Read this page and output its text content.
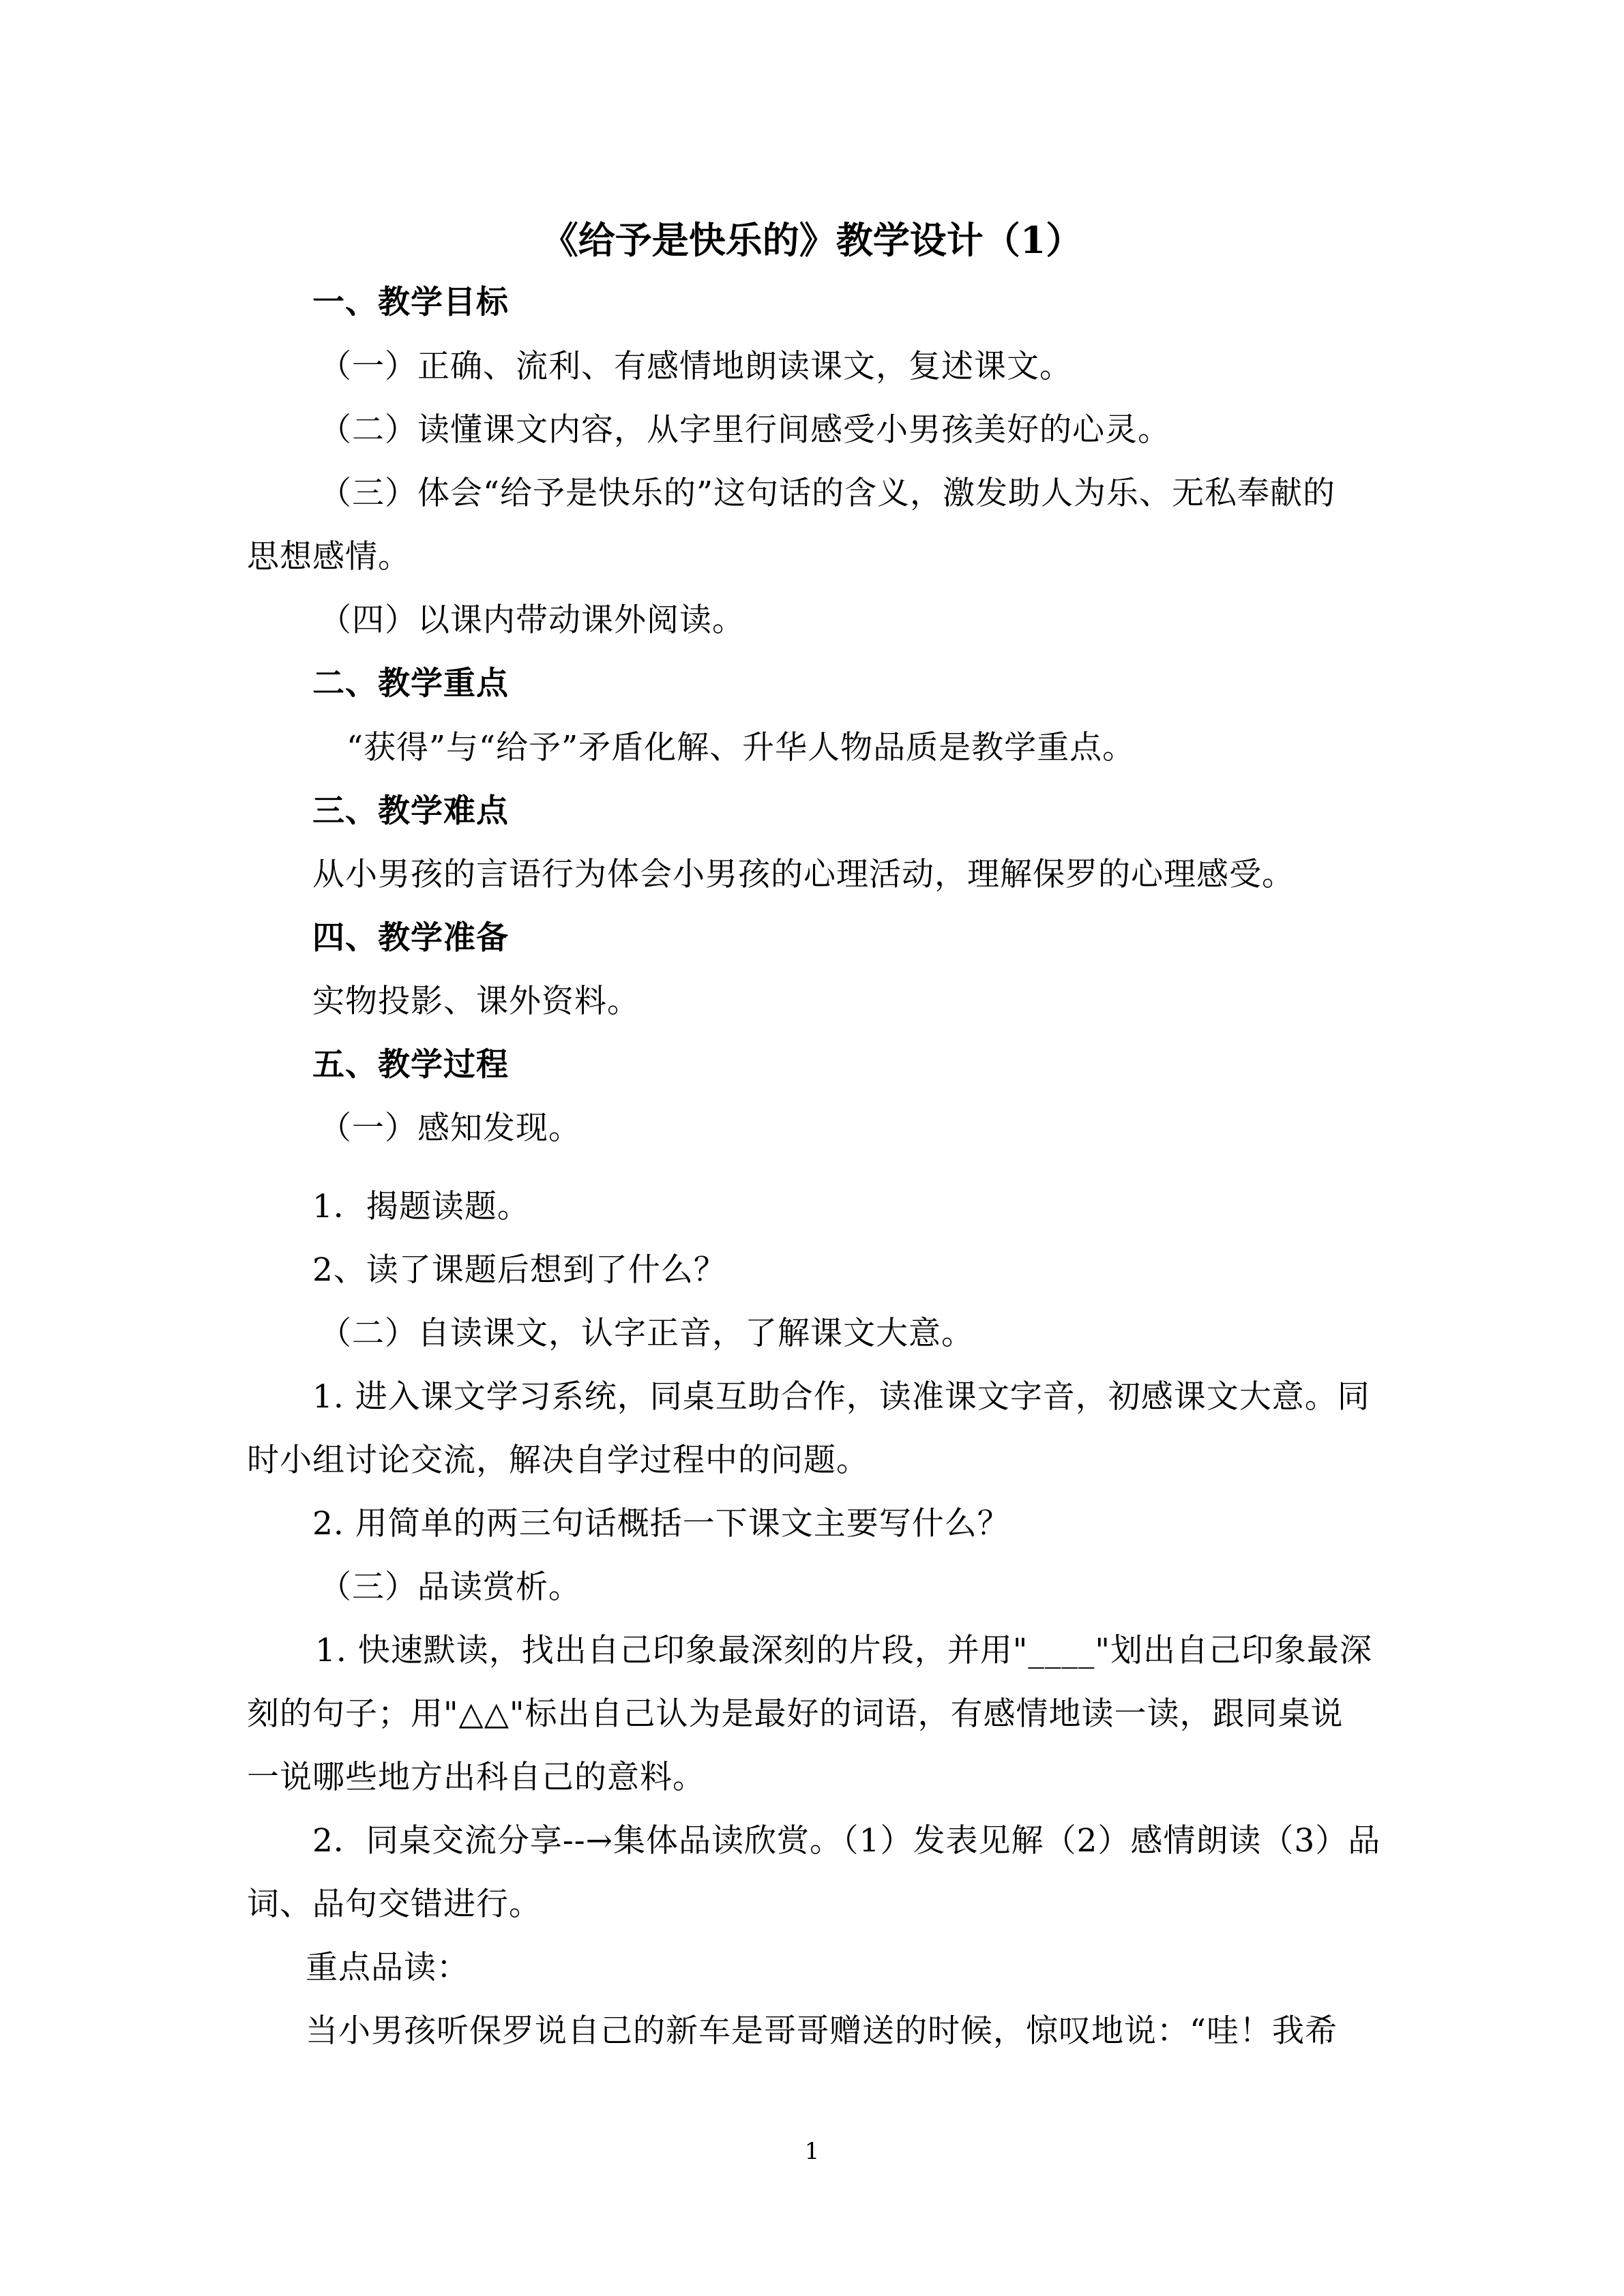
《给予是快乐的》教学设计（1）
一、教学目标
（一）正确、流利、有感情地朗读课文，复述课文。
（二）读懂课文内容，从字里行间感受小男孩美好的心灵。
（三）体会“给予是快乐的”这句话的含义，激发助人为乐、无私奉献的
思想感情。
（四）以课内带动课外阅读。
二、教学重点
“获得”与“给予”矛盾化解、升华人物品质是教学重点。
三、教学难点
从小男孩的言语行为体会小男孩的心理活动，理解保罗的心理感受。
四、教学准备
实物投影、课外资料。
五、教学过程
（一）感知发现。
1．揭题读题。
2、读了课题后想到了什么？
（二）自读课文，认字正音，了解课文大意。
1. 进入课文学习系统，同桌互助合作，读准课文字音，初感课文大意。同
时小组讨论交流，解决自学过程中的问题。
2. 用简单的两三句话概括一下课文主要写什么？
（三）品读赏析。
1. 快速默读，找出自己印象最深刻的片段，并用"____"划出自己印象最深
刻的句子；用"△△"标出自己认为是最好的词语，有感情地读一读，跟同桌说
一说哪些地方出科自己的意料。
2．同桌交流分享--→集体品读欣赏。（1）发表见解（2）感情朗读（3）品
词、品句交错进行。
重点品读：
当小男孩听保罗说自己的新车是哥哥赠送的时候，惊叹地说：“哇！我希
1
